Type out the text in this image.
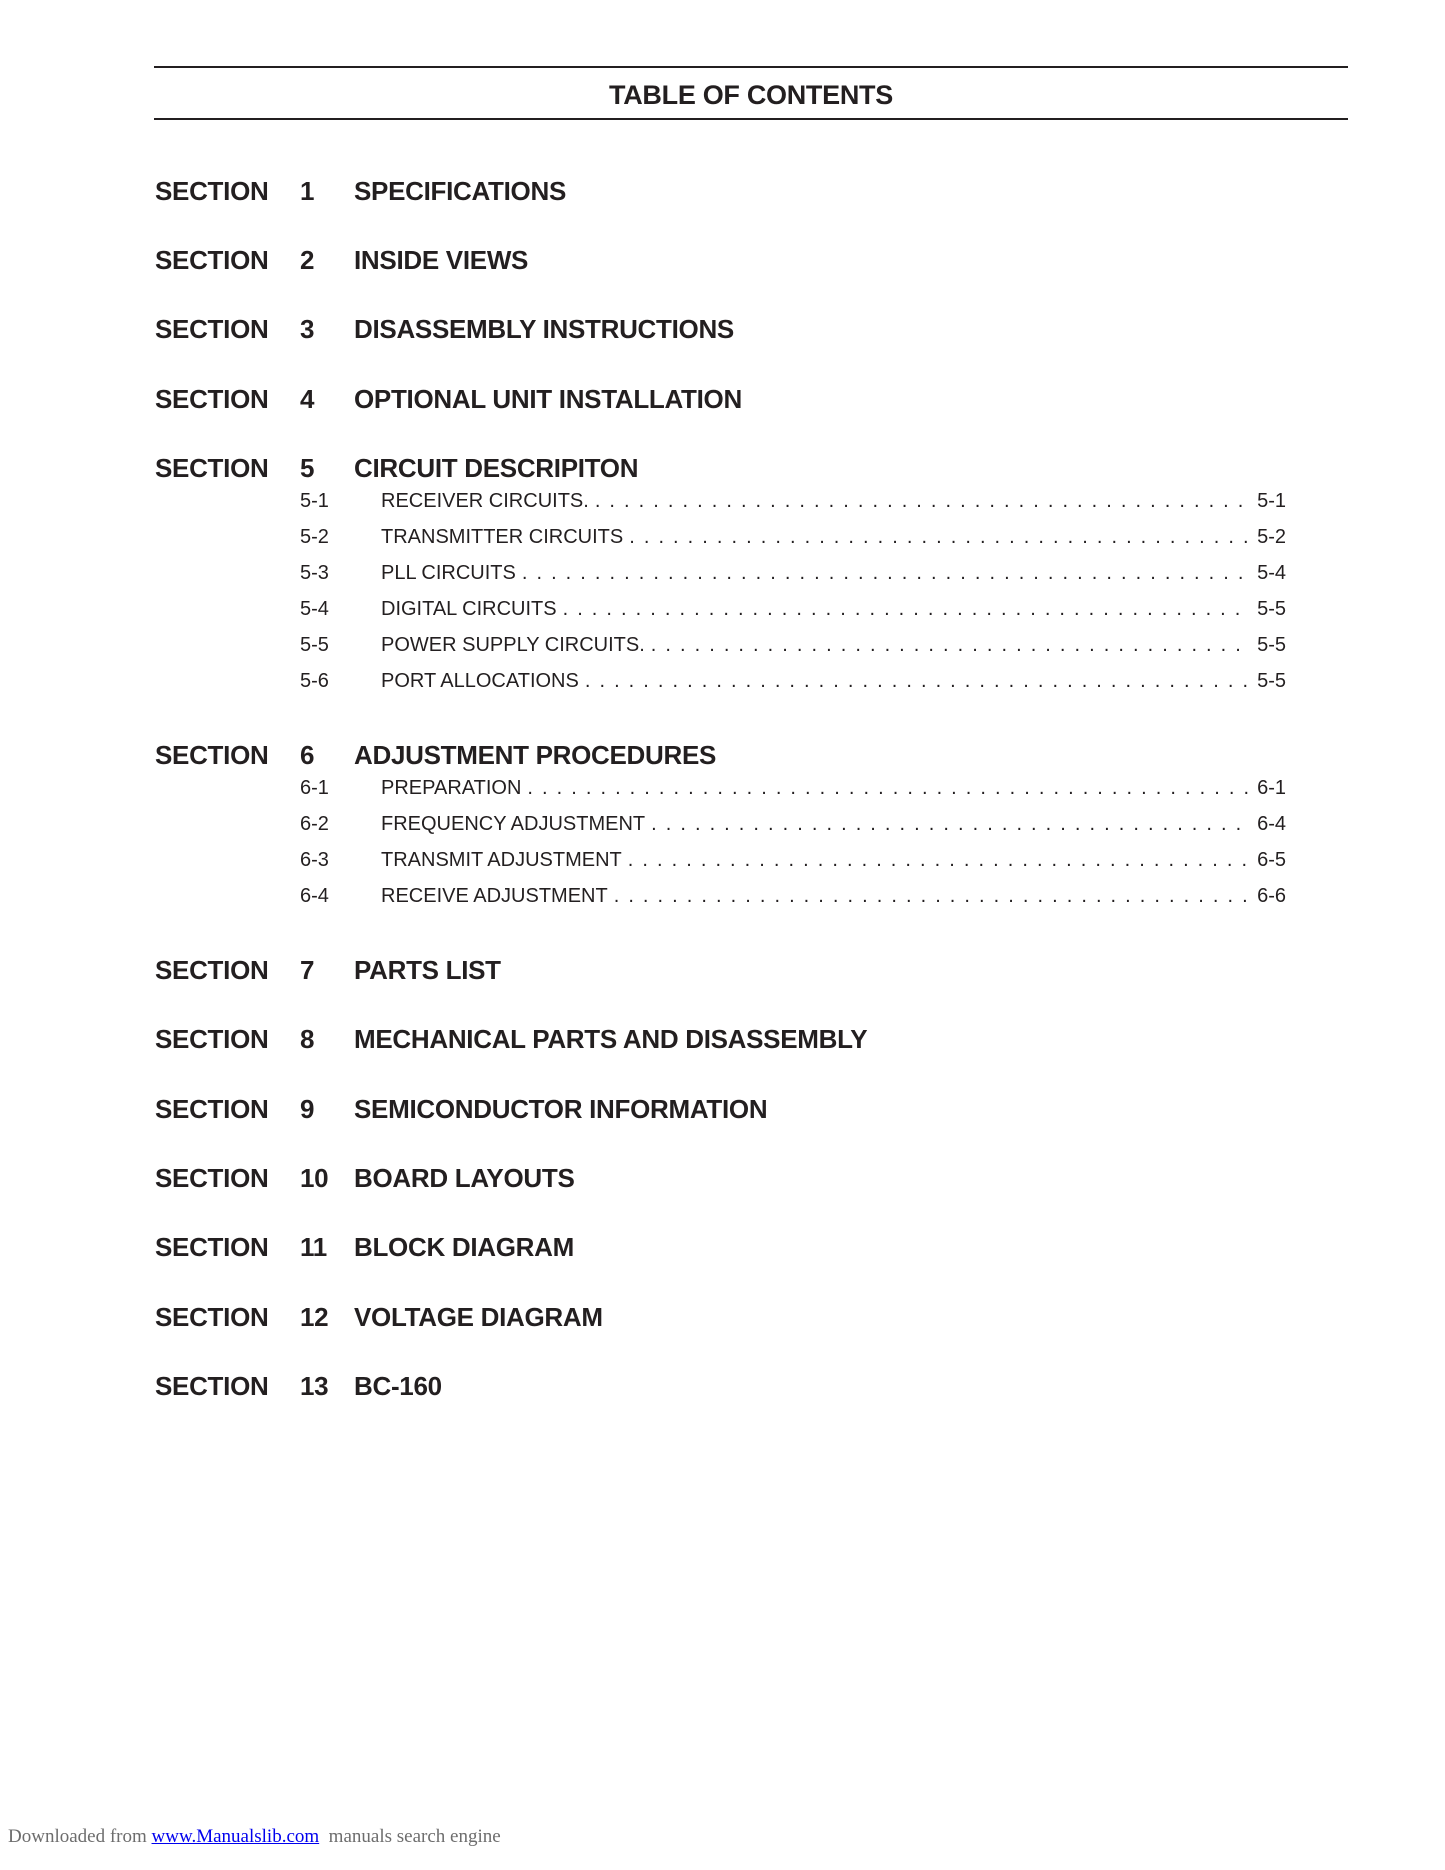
TABLE OF CONTENTS
SECTION 1 SPECIFICATIONS
SECTION 2 INSIDE VIEWS
SECTION 3 DISASSEMBLY INSTRUCTIONS
SECTION 4 OPTIONAL UNIT INSTALLATION
SECTION 5 CIRCUIT DESCRIPITON
5-1	RECEIVER CIRCUITS. . . .	5-1
5-2	TRANSMITTER CIRCUITS . . .	5-2
5-3	PLL CIRCUITS . . .	5-4
5-4	DIGITAL CIRCUITS . . .	5-5
5-5	POWER SUPPLY CIRCUITS. . . .	5-5
5-6	PORT ALLOCATIONS . . .	5-5
SECTION 6 ADJUSTMENT PROCEDURES
6-1	PREPARATION . . .	6-1
6-2	FREQUENCY ADJUSTMENT . . .	6-4
6-3	TRANSMIT ADJUSTMENT . . .	6-5
6-4	RECEIVE ADJUSTMENT . . .	6-6
SECTION 7 PARTS LIST
SECTION 8 MECHANICAL PARTS AND DISASSEMBLY
SECTION 9 SEMICONDUCTOR INFORMATION
SECTION 10 BOARD LAYOUTS
SECTION 11 BLOCK DIAGRAM
SECTION 12 VOLTAGE DIAGRAM
SECTION 13 BC-160
Downloaded from www.Manualslib.com  manuals search engine
